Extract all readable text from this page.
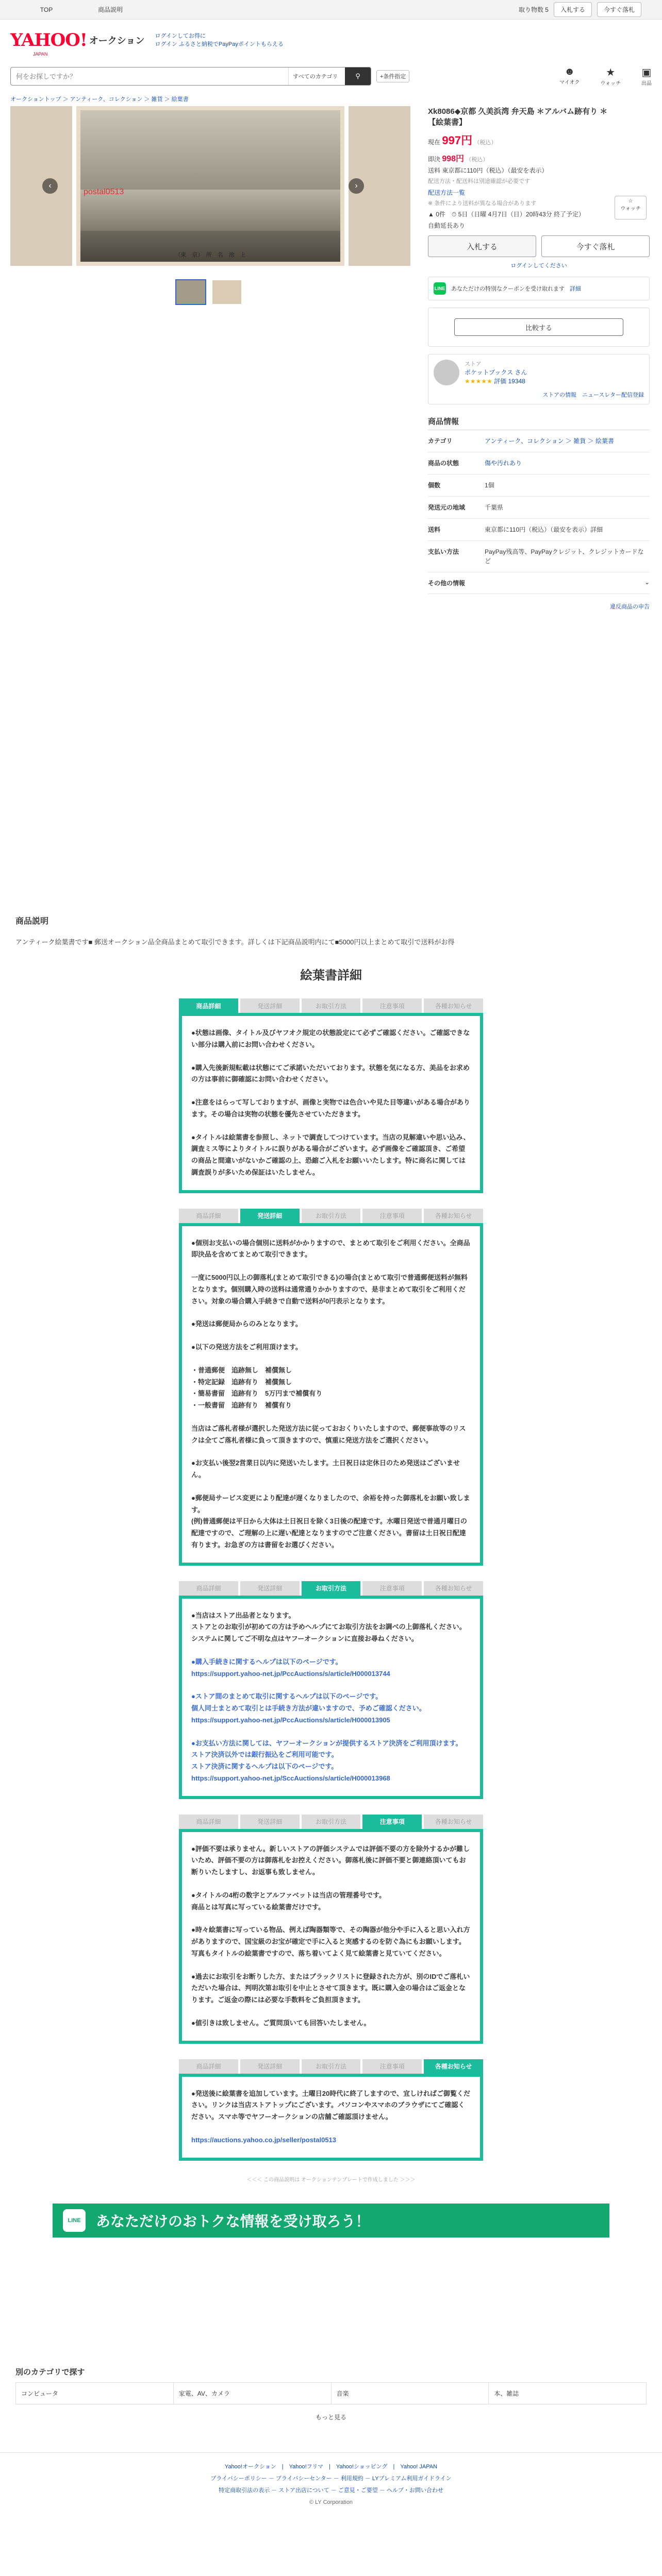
TOP	商品説明	取り物数 5	入札する	今すぐ落札
YAHOO! オークション
JAPAN
ログインしてお得に
ログイン ふるさと納税でPayPayポイントもらえる
何をお探しですか？
すべてのカテゴリ	⚲	+条件指定	☻
マイオク
★
ウォッチ
▣
出品
オークショントップ ＞ アンティーク、コレクション ＞ 雑貨 ＞ 絵葉書
postal0513
（東　京）　所　名　池　上
‹	›
Xk8086◆京都 久美浜湾 弁天島 ＊アルバム跡有り ＊【絵葉書】
☆
ウォッチ
現在 997円 （税込）
即決 998円 （税込）
送料 東京都に110円（税込）（最安を表示）
配送方法・配送料は別途確認が必要です
配送方法一覧
※ 条件により送料が異なる場合があります
▲ 0件　⏱ 5日（日曜 4月7日（日）20時43分 終了予定）
自動延長あり
入札する	今すぐ落札
ログインしてください
LINE あなただけの特別なクーポンを受け取れます 詳細
比較する
ストア
ポケットブックス さん
★★★★★ 評価 19348
ストアの情報　ニュースレター配信登録
商品情報
カテゴリ	アンティーク、コレクション ＞ 雑貨 ＞ 絵葉書
商品の状態	傷や汚れあり
個数	1個
発送元の地域	千葉県
送料	東京都に110円（税込）（最安を表示）詳細
支払い方法	PayPay残高等、PayPayクレジット、クレジットカードなど
その他の情報	⌄
違反商品の申告
商品説明
アンティーク絵葉書です■ 郵送オークション品全商品まとめて取引できます。詳しくは下記商品説明内にて■5000円以上まとめて取引で送料がお得
絵葉書詳細
商品詳細	発送詳細	お取引方法	注意事項	各種お知らせ

●状態は画像、タイトル及びヤフオク規定の状態設定にて必ずご確認ください。ご確認できない部分は購入前にお問い合わせください。

●購入先後新規転載は状態にてご承諾いただいております。状態を気になる方、美品をお求めの方は事前に御確認にお問い合わせください。

●注意をはらって写しておりますが、画像と実物では色合いや見た目等違いがある場合があります。その場合は実物の状態を優先させていただきます。

●タイトルは絵葉書を参照し、ネットで調査してつけています。当店の見解違いや思い込み、調査ミス等によりタイトルに誤りがある場合がございます。必ず画像をご確認頂き、ご希望の商品と間違いがないかご確認の上、恐縮ご入札をお願いいたします。特に商名に関しては調査誤りが多いため保証はいたしません。

商品詳細	発送詳細	お取引方法	注意事項	各種お知らせ

●個別お支払いの場合個別に送料がかかりますので、まとめて取引をご利用ください。全商品即決品を含めてまとめて取引できます。

一度に5000円以上の御落札(まとめて取引できる)の場合(まとめて取引で普通郵便送料が無料となります。個別購入時の送料は通常通りかかりますので、是非まとめて取引をご利用ください。対象の場合購入手続きで自動で送料が0円表示となります。

●発送は郵便局からのみとなります。

●以下の発送方法をご利用頂けます。

・普通郵便　追跡無し　補償無し
・特定記録　追跡有り　補償無し
・簡易書留　追跡有り　5万円まで補償有り
・一般書留　追跡有り　補償有り

当店はご落札者様が選択した発送方法に従っておおくりいたしますので、郵便事故等のリスクは全てご落札者様に負って頂きますので、慎重に発送方法をご選択ください。

●お支払い後翌2営業日以内に発送いたします。土日祝日は定休日のため発送はございません。

●郵便局サービス変更により配達が遅くなりましたので、余裕を持った御落札をお願い致します。
(例)普通郵便は平日から大体は土日祝日を除く3日後の配達です。水曜日発送で普通月曜日の配達ですので、ご理解の上に遅い配達となりますのでご注意ください。書留は土日祝日配達有ります。お急ぎの方は書留をお選びください。

商品詳細	発送詳細	お取引方法	注意事項	各種お知らせ

●当店はストア出品者となります。
ストアとのお取引が初めての方は予めヘルプにてお取引方法をお調べの上御落札ください。
システムに関してご不明な点はヤフーオークションに直接お尋ねください。

●購入手続きに関するヘルプは以下のページです。
https://support.yahoo-net.jp/PccAuctions/s/article/H000013744

●ストア間のまとめて取引に関するヘルプは以下のページです。
個人同士まとめて取引とは手続き方法が違いますので、予めご確認ください。
https://support.yahoo-net.jp/PccAuctions/s/article/H000013905

●お支払い方法に関しては、ヤフーオークションが提供するストア決済をご利用頂けます。
ストア決済以外では銀行振込をご利用可能です。
ストア決済に関するヘルプは以下のページです。
https://support.yahoo-net.jp/SccAuctions/s/article/H000013968

商品詳細	発送詳細	お取引方法	注意事項	各種お知らせ

●評価不要は承りません。新しいストアの評価システムでは評価不要の方を除外するかが難しいため、評価不要の方は御落札をお控えください。御落札後に評価不要と御連絡頂いてもお断りいたしますし、お返事も致しません。

●タイトルの4桁の数字とアルファベットは当店の管理番号です。
商品とは写真に写っている絵葉書だけです。

●時々絵葉書に写っている物品、例えば陶器類等で、その陶器が他分や手に入ると思い入れ方がありますので、国宝級のお宝が確定で手に入ると実感するのを防ぐ為にもお願いします。写真もタイトルの絵葉書ですので、落ち着いてよく見て絵葉書と見ていてください。

●過去にお取引をお断りした方、またはブラックリストに登録された方が、別のIDでご落札いただいた場合は、判明次第お取引を中止とさせて頂きます。既に購入金の場合はご返金となります。ご返金の際には必要な手数料をご負担頂きます。

●値引きは致しません。ご質問頂いても回答いたしません。

商品詳細	発送詳細	お取引方法	注意事項	各種お知らせ

●発送後に絵葉書を追加しています。土曜日20時代に終了しますので、宜しければご御覧ください。リンクは当店ストアトップにございます。パソコンやスマホのブラウザにてご確認ください。スマホ等でヤフーオークションの店舗ご確認頂けません。

https://auctions.yahoo.co.jp/seller/postal0513

＜＜＜ この商品説明は オークションテンプレートで作成しました ＞＞＞
LINE	あなただけのおトクな情報を受け取ろう！
別のカテゴリで探す
コンピュータ	家電、AV、カメラ	音楽	本、雑誌
もっと見る
Yahoo!オークション　|　Yahoo!フリマ　|　Yahoo!ショッピング　|　Yahoo! JAPAN
プライバシーポリシー － プライバシーセンター － 利用規約 － LYプレミアム利用ガイドライン
特定商取引法の表示 － ストア出店について － ご意見・ご要望 － ヘルプ・お問い合わせ
© LY Corporation
